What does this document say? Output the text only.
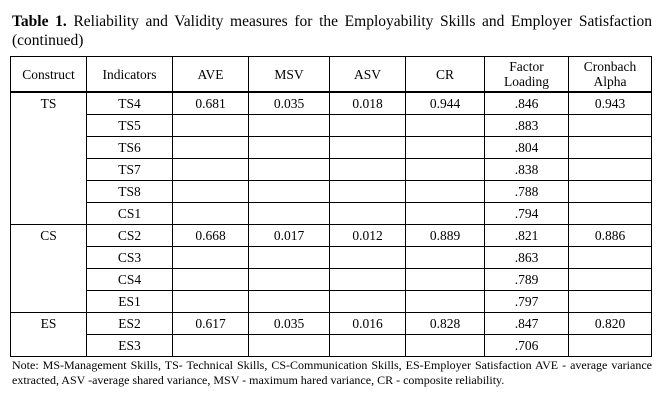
Table 1. Reliability and Validity measures for the Employability Skills and Employer Satisfaction (continued)
Construct	Indicators	AVE	MSV	ASV	CR	Factor Loading	Cronbach Alpha
TS	TS4	0.681	0.035	0.018	0.944	.846	0.943
	TS5					.883	
	TS6					.804	
	TS7					.838	
	TS8					.788	
	CS1					.794	
CS	CS2	0.668	0.017	0.012	0.889	.821	0.886
	CS3					.863	
	CS4					.789	
	ES1					.797	
ES	ES2	0.617	0.035	0.016	0.828	.847	0.820
	ES3					.706	
Note: MS-Management Skills, TS- Technical Skills, CS-Communication Skills, ES-Employer Satisfaction AVE - average variance extracted, ASV -average shared variance, MSV - maximum hared variance, CR - composite reliability.
